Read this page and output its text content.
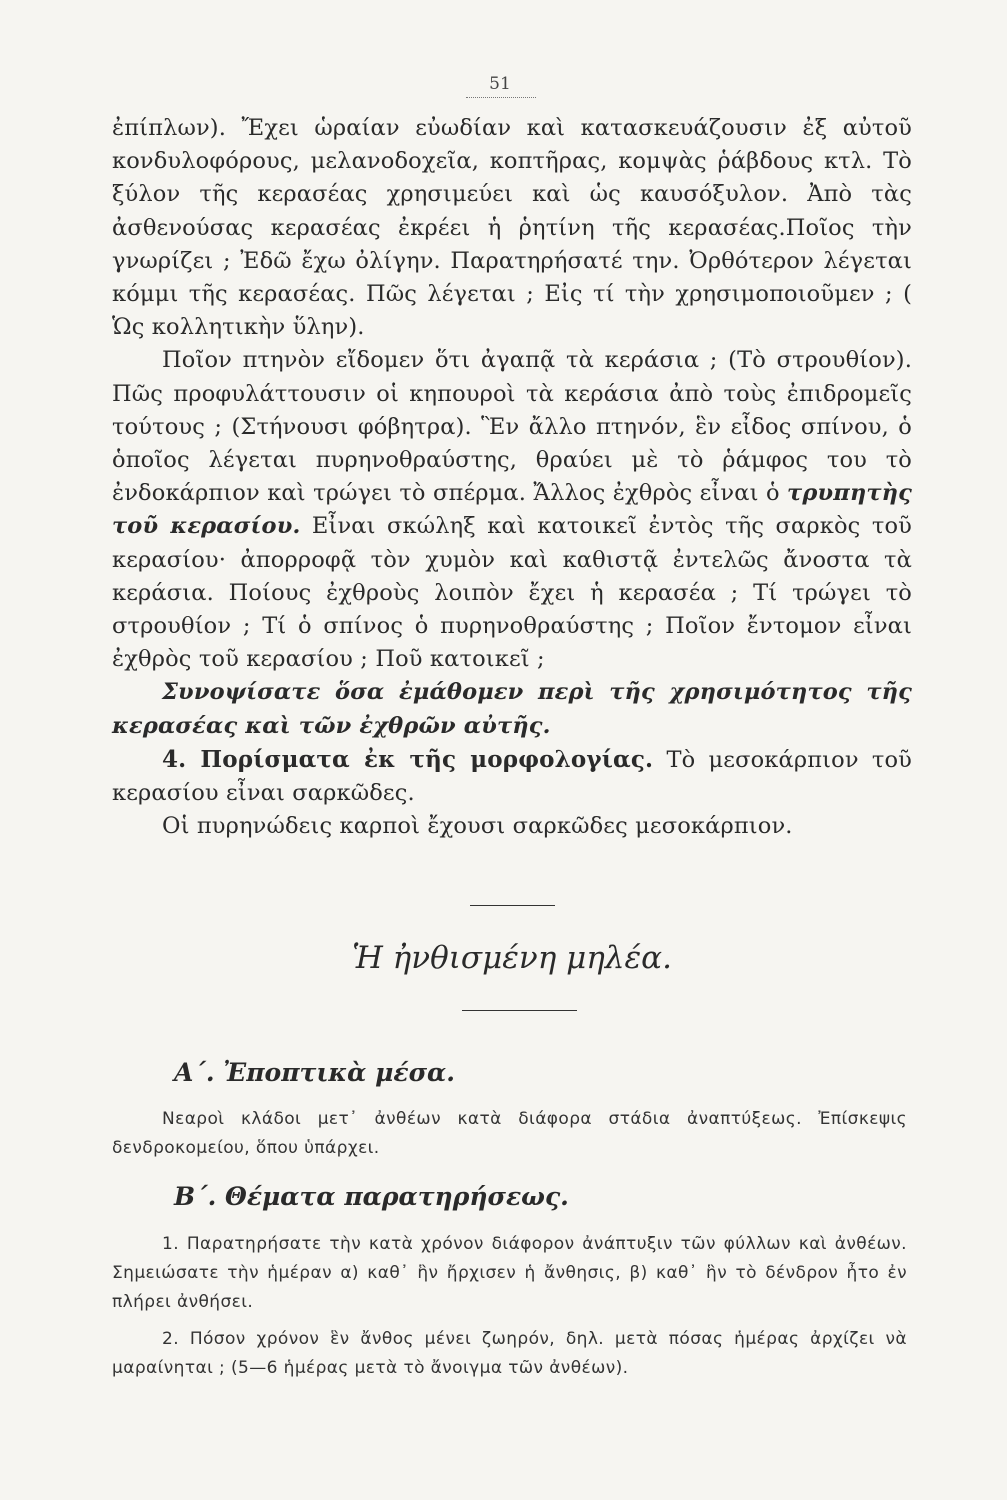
51

ἐπίπλων). Ἔχει ὡραίαν εὐωδίαν καὶ κατασκευάζουσιν ἐξ αὐτοῦ κονδυλοφόρους, μελανοδοχεῖα, κοπτῆρας, κομψὰς ῥάβδους κτλ. Τὸ ξύλον τῆς κερασέας χρησιμεύει καὶ ὡς καυσόξυλον. Ἀπὸ τὰς ἀσθενούσας κερασέας ἐκρέει ἡ ῥητίνη τῆς κερασέας.Ποῖος τὴν γνωρίζει ; Ἐδῶ ἔχω ὀλίγην. Παρατηρήσατέ την. Ὀρθότερον λέγεται κόμμι τῆς κερασέας. Πῶς λέγεται ; Εἰς τί τὴν χρησιμοποιοῦμεν ; ( Ὡς κολλητικὴν ὕλην).

Ποῖον πτηνὸν εἴδομεν ὅτι ἀγαπᾷ τὰ κεράσια ; (Τὸ στρουθίον). Πῶς προφυλάττουσιν οἱ κηπουροὶ τὰ κεράσια ἀπὸ τοὺς ἐπιδρομεῖς τούτους ; (Στήνουσι φόβητρα). Ἓν ἄλλο πτηνόν, ἓν εἶδος σπίνου, ὁ ὁποῖος λέγεται πυρηνοθραύστης, θραύει μὲ τὸ ῥάμφος του τὸ ἐνδοκάρπιον καὶ τρώγει τὸ σπέρμα. Ἄλλος ἐχθρὸς εἶναι ὁ τρυπητὴς τοῦ κερασίου. Εἶναι σκώληξ καὶ κατοικεῖ ἐντὸς τῆς σαρκὸς τοῦ κερασίου· ἀπορροφᾷ τὸν χυμὸν καὶ καθιστᾷ ἐντελῶς ἄνοστα τὰ κεράσια. Ποίους ἐχθροὺς λοιπὸν ἔχει ἡ κερασέα ; Τί τρώγει τὸ στρουθίον ; Τί ὁ σπίνος ὁ πυρηνοθραύστης ; Ποῖον ἔντομον εἶναι ἐχθρὸς τοῦ κερασίου ; Ποῦ κατοικεῖ ;

Συνοψίσατε ὅσα ἐμάθομεν περὶ τῆς χρησιμότητος τῆς κερασέας καὶ τῶν ἐχθρῶν αὐτῆς.

4. Πορίσματα ἐκ τῆς μορφολογίας. Τὸ μεσοκάρπιον τοῦ κερασίου εἶναι σαρκῶδες.

Οἱ πυρηνώδεις καρποὶ ἔχουσι σαρκῶδες μεσοκάρπιον.

Ἡ ἠνθισμένη μηλέα.
Α΄. Ἐποπτικὰ μέσα.

Νεαροὶ κλάδοι μετ᾽ ἀνθέων κατὰ διάφορα στάδια ἀναπτύξεως. Ἐπίσκεψις δενδροκομείου, ὅπου ὑπάρχει.

Β΄. Θέματα παρατηρήσεως.

1. Παρατηρήσατε τὴν κατὰ χρόνον διάφορον ἀνάπτυξιν τῶν φύλλων καὶ ἀνθέων. Σημειώσατε τὴν ἡμέραν α) καθ᾽ ἣν ἤρχισεν ἡ ἄνθησις, β) καθ᾽ ἣν τὸ δένδρον ἦτο ἐν πλήρει ἀνθήσει.

2. Πόσον χρόνον ἓν ἄνθος μένει ζωηρόν, δηλ. μετὰ πόσας ἡμέρας ἀρχίζει νὰ μαραίνηται ; (5—6 ἡμέρας μετὰ τὸ ἄνοιγμα τῶν ἀνθέων).
